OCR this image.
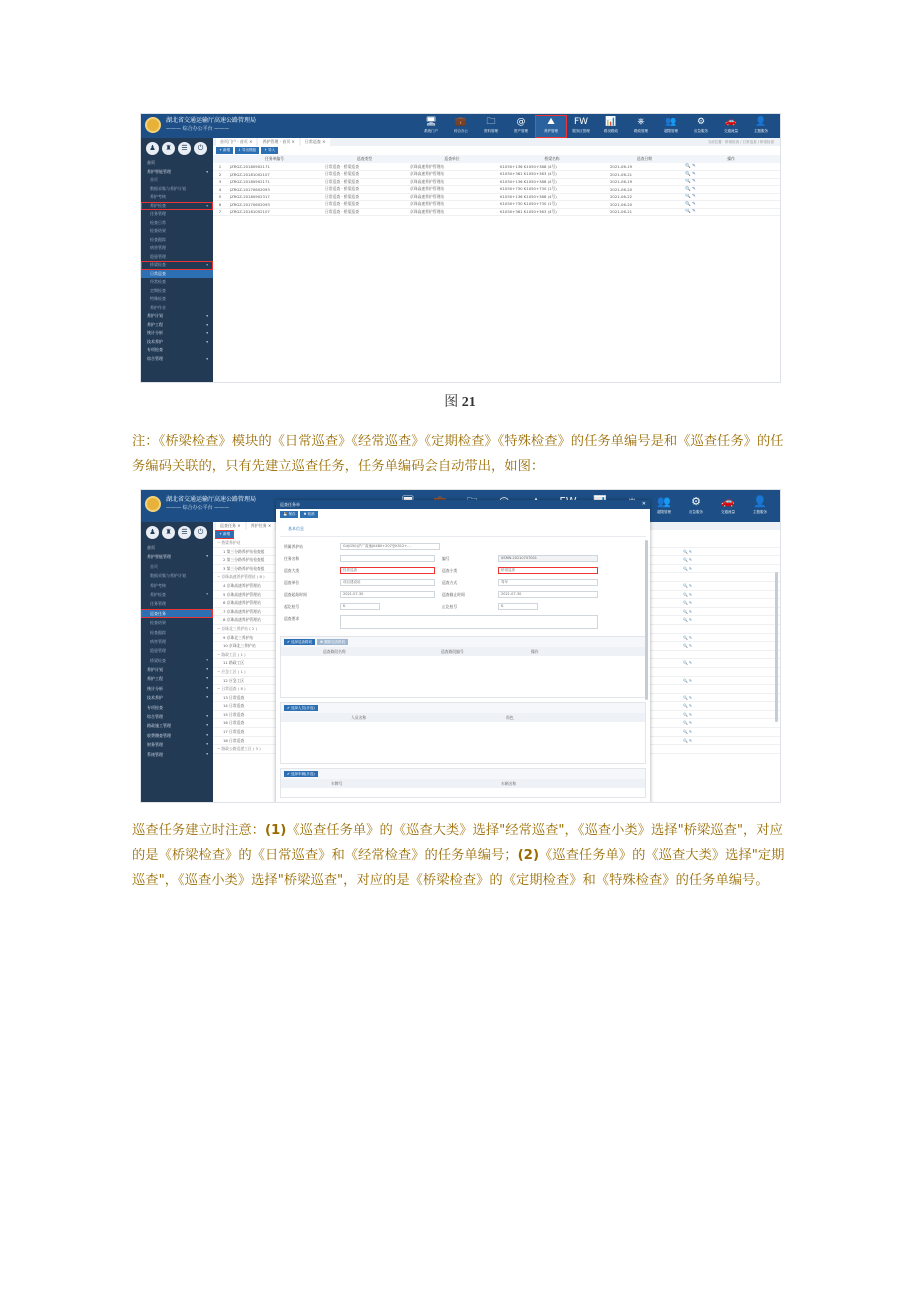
湖北省交通运输厅高速公路管理局
——— 综合办公平台 ———
🖥
系统门户
💼
综合办公
🗀
资料管理
@
资产管理
⛰
养护管理
FW
服务区管理
📊
路况路政
⎈
路政管理
👥
超限管理
⚙
应急服务
🚗
交通流量
👤
主题服务
♟	♜	☰	⏻
首页
养护智能管理	▾
首页
数据采集与养护计划
养护考核
养护检查	▾
任务管理
检查日常
检查结果
检查跟踪
病害管理
隐患管理
桥梁检查	▾
日常巡查
经常检查
定期检查
特殊检查
养护作业
养护计划	▾
养护工程	▾
统计分析	▾
技术养护	▾
专项检查
综合管理	▾
首页门户 · 首页 ×	养护管理 · 首页 ×	日常巡查 ×	当前位置：桥梁检查 / 日常巡查 / 桥梁检查
+ 新增	⇩ 导出模板	⇪ 导入
	任务单编号	巡查类型	巡查单位	桥梁名称	巡查日期	操作
1	JZRGZ-20180902171	日常巡查 · 桥梁巡查	京珠高速养护管理站	K1050+136 K1050+388 (4号)	2021-06-19	🔍 ✎
2	JZRGZ-20181002107	日常巡查 · 桥梁巡查	京珠高速养护管理站	K1050+361 K1050+363 (4号)	2021-06-21	🔍 ✎
3	JZRGZ-20180902171	日常巡查 · 桥梁巡查	京珠高速养护管理站	K1050+136 K1050+388 (4号)	2021-06-19	🔍 ✎
4	JZRGZ-20170602093	日常巡查 · 桥梁巡查	京珠高速养护管理站	K1050+730 K1050+730 (1号)	2021-06-20	🔍 ✎
5	JZRGZ-20180902317	日常巡查 · 桥梁巡查	京珠高速养护管理站	K1050+136 K1050+388 (4号)	2021-06-22	🔍 ✎
6	JZRGZ-20170602093	日常巡查 · 桥梁巡查	京珠高速养护管理站	K1050+730 K1050+730 (1号)	2021-06-20	🔍 ✎
7	JZRGZ-20181002107	日常巡查 · 桥梁巡查	京珠高速养护管理站	K1050+361 K1050+363 (4号)	2021-06-21	🔍 ✎
图 21
注：《桥梁检查》模块的《日常巡查》《经常巡查》《定期检查》《特殊检查》的任务单编号是和《巡查任务》的任务编码关联的，只有先建立巡查任务，任务单编码会自动带出，如图：
湖北省交通运输厅高速公路管理局
——— 综合办公平台 ———	👥
超限管理
⚙
应急服务
🚗
交通流量
👤
主题服务
♟	♜	☰	⏻
首页
养护智能管理	▾
首页
数据采集与养护计划
养护考核
养护检查	▾
任务管理
巡查任务
检查结果
检查跟踪
病害管理
隐患管理
桥梁检查	▾
养护计划	▾
养护工程	▾
统计分析	▾
技术养护	▾
专项检查
综合管理	▾
路政施工管理	▾
收费稽查管理	▾
财务管理	▾
系统管理	▾
巡查任务 ×	养护任务 ×
+ 新增
− 桥梁养护站
1 第三分路养护站检查组	🔍 ✎
2 第三分路养护站检查组	🔍 ✎
3 第三分路养护站检查组	🔍 ✎
− 京珠高速养护管理站 ( 8 )
4 京珠高速养护管理站	🔍 ✎
5 京珠高速养护管理站	🔍 ✎
6 京珠高速养护管理站	🔍 ✎
7 京珠高速养护管理站	🔍 ✎
8 京珠高速养护管理站	🔍 ✎
− 京珠北三养护站 ( 2 )
9 京珠北三养护站	🔍 ✎
10 京珠北三养护站	🔍 ✎
− 路政工区 ( 1 )
11 路政工区	🔍 ✎
− 应急工区 ( 1 )
12 应急工区	🔍 ✎
− 日常巡查 ( 8 )
13 日常巡查	🔍 ✎
14 日常巡查	🔍 ✎
15 日常巡查	🔍 ✎
16 日常巡查	🔍 ✎
17 日常巡查	🔍 ✎
18 日常巡查	🔍 ✎
− 路政公路巡逻工区 ( 3 )
巡查任务单	✕
💾 保存	✖ 取消
基本信息
所属养护站	G4(G50)沪广高速(K480+207至K512+…
任务名称	编号	XSRW-20210707001
巡查大类	经常巡查	巡查小类	桥梁巡查
巡查单位	项目建设站	巡查方式	驾车
巡查起始时间	2021-07-30	巡查截止时间	2021-07-30
起讫桩号	K	止讫桩号	K
巡查要求
✔ 选择巡查路段	✖ 删除巡查路段
巡查路段名称	巡查路段编号	操作
✔ 选择人员(多选)
人员名称	角色
✔ 选择车辆(多选)
车牌号	车辆名称
巡查任务建立时注意：(1)《巡查任务单》的《巡查大类》选择"经常巡查"，《巡查小类》选择"桥梁巡查"，对应的是《桥梁检查》的《日常巡查》和《经常检查》的任务单编号；(2)《巡查任务单》的《巡查大类》选择"定期巡查"，《巡查小类》选择"桥梁巡查"，对应的是《桥梁检查》的《定期检查》和《特殊检查》的任务单编号。
